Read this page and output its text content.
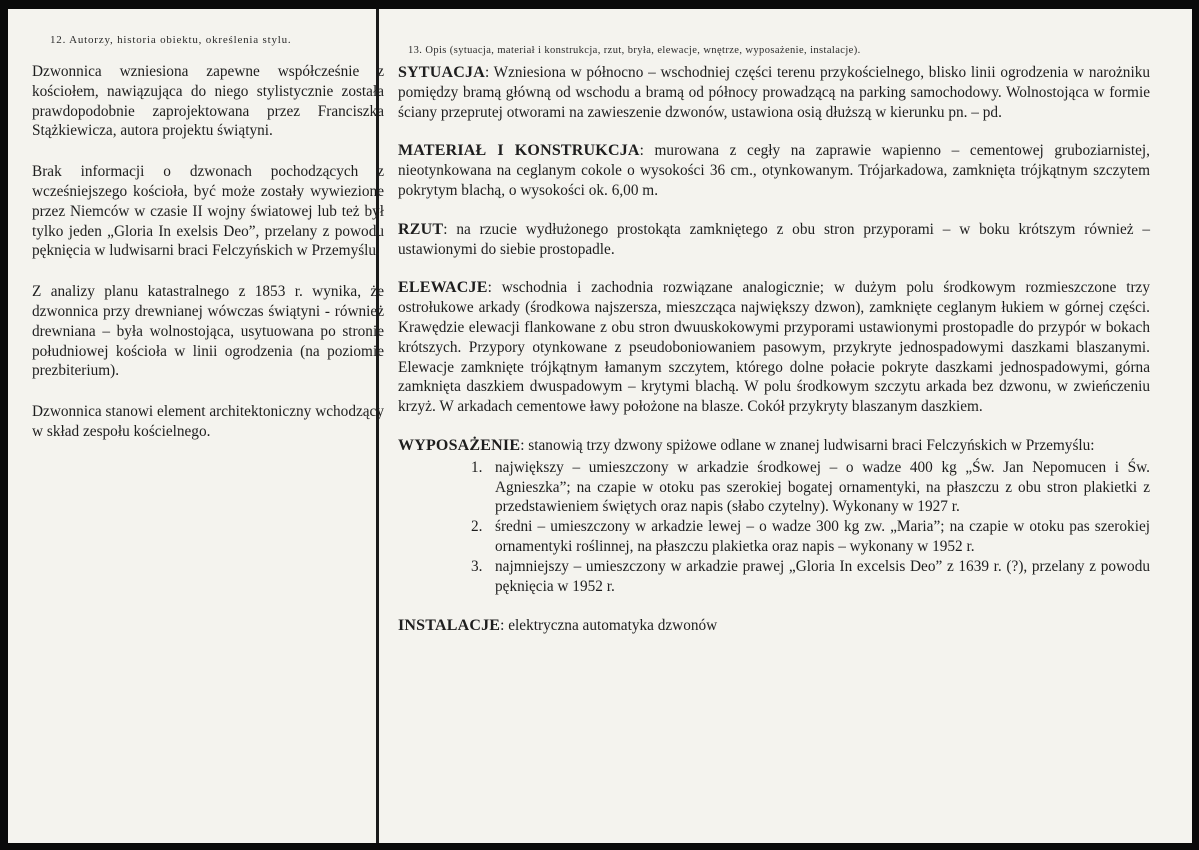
12. Autorzy, historia obiektu, określenia stylu.
13. Opis (sytuacja, materiał i konstrukcja, rzut, bryła, elewacje, wnętrze, wyposażenie, instalacje).

Dzwonnica wzniesiona zapewne współcześnie z kościołem, nawiązująca do niego stylistycznie została prawdopodobnie zaprojektowana przez Franciszka Stążkiewicza, autora projektu świątyni.

Brak informacji o dzwonach pochodzących z wcześniejszego kościoła, być może zostały wywiezione przez Niemców w czasie II wojny światowej lub też był tylko jeden „Gloria In exelsis Deo”, przelany z powodu pęknięcia w ludwisarni braci Felczyńskich w Przemyślu.

Z analizy planu katastralnego z 1853 r. wynika, że dzwonnica przy drewnianej wówczas świątyni - również drewniana – była wolnostojąca, usytuowana po stronie południowej kościoła w linii ogrodzenia (na poziomie prezbiterium).

Dzwonnica stanowi element architektoniczny wchodzący w skład zespołu kościelnego.

SYTUACJA: Wzniesiona w północno – wschodniej części terenu przykościelnego, blisko linii ogrodzenia w narożniku pomiędzy bramą główną od wschodu a bramą od północy prowadzącą na parking samochodowy. Wolnostojąca w formie ściany przeprutej otworami na zawieszenie dzwonów, ustawiona osią dłuższą w kierunku pn. – pd.
MATERIAŁ I KONSTRUKCJA: murowana z cegły na zaprawie wapienno – cementowej gruboziarnistej, nieotynkowana na ceglanym cokole o wysokości 36 cm., otynkowanym. Trójarkadowa, zamknięta trójkątnym szczytem pokrytym blachą, o wysokości ok. 6,00 m.
RZUT: na rzucie wydłużonego prostokąta zamkniętego z obu stron przyporami – w boku krótszym również – ustawionymi do siebie prostopadle.
ELEWACJE: wschodnia i zachodnia rozwiązane analogicznie; w dużym polu środkowym rozmieszczone trzy ostrołukowe arkady (środkowa najszersza, mieszcząca największy dzwon), zamknięte ceglanym łukiem w górnej części. Krawędzie elewacji flankowane z obu stron dwuuskokowymi przyporami ustawionymi prostopadle do przypór w bokach krótszych. Przypory otynkowane z pseudoboniowaniem pasowym, przykryte jednospadowymi daszkami blaszanymi. Elewacje zamknięte trójkątnym łamanym szczytem, którego dolne połacie pokryte daszkami jednospadowymi, górna zamknięta daszkiem dwuspadowym – krytymi blachą. W polu środkowym szczytu arkada bez dzwonu, w zwieńczeniu krzyż. W arkadach cementowe ławy położone na blasze. Cokół przykryty blaszanym daszkiem.
WYPOSAŻENIE: stanowią trzy dzwony spiżowe odlane w znanej ludwisarni braci Felczyńskich w Przemyślu:
1. największy – umieszczony w arkadzie środkowej – o wadze 400 kg „Św. Jan Nepomucen i Św. Agnieszka”; na czapie w otoku pas szerokiej bogatej ornamentyki, na płaszczu z obu stron plakietki z przedstawieniem świętych oraz napis (słabo czytelny). Wykonany w 1927 r.
2. średni – umieszczony w arkadzie lewej – o wadze 300 kg zw. „Maria”; na czapie w otoku pas szerokiej ornamentyki roślinnej, na płaszczu plakietka oraz napis – wykonany w 1952 r.
3. najmniejszy – umieszczony w arkadzie prawej „Gloria In excelsis Deo” z 1639 r. (?), przelany z powodu pęknięcia w 1952 r.
INSTALACJE: elektryczna automatyka dzwonów
